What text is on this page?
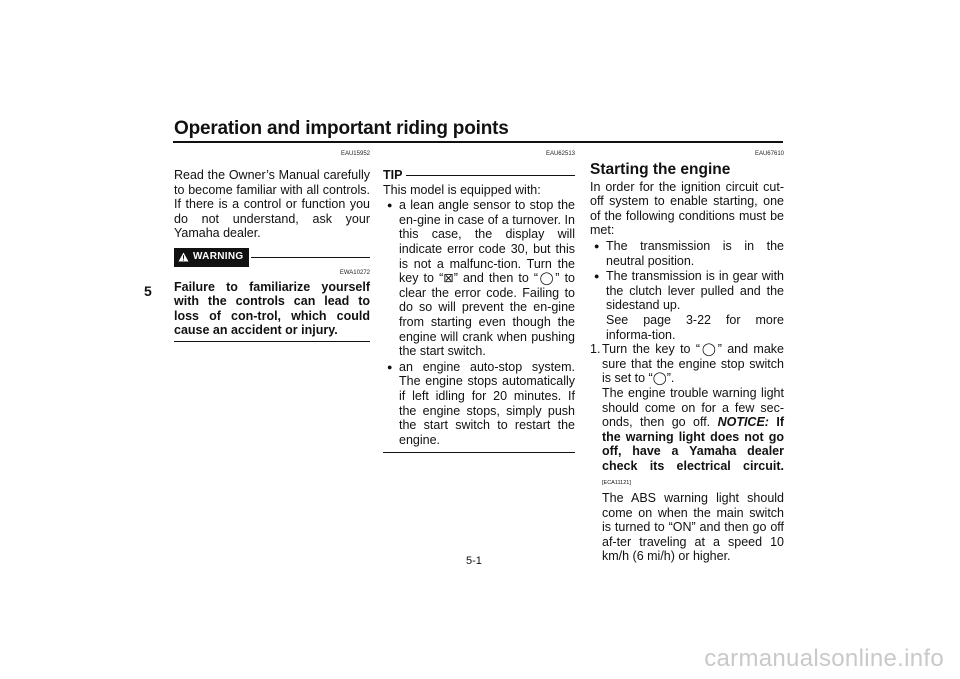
Operation and important riding points
5
EAU15952

Read the Owner’s Manual carefully to become familiar with all controls. If there is a control or function you do not understand, ask your Yamaha dealer.

WARNING
EWA10272

Failure to familiarize yourself with the controls can lead to loss of con-trol, which could cause an accident or injury.

EAU62513
TIP

This model is equipped with:

● a lean angle sensor to stop the en-gine in case of a turnover. In this case, the display will indicate error code 30, but this is not a malfunc-tion. Turn the key to “⊠” and then to “◯” to clear the error code. Failing to do so will prevent the en-gine from starting even though the engine will crank when pushing the start switch.
● an engine auto-stop system. The engine stops automatically if left idling for 20 minutes. If the engine stops, simply push the start switch to restart the engine.
EAU67610
Starting the engine

In order for the ignition circuit cut-off system to enable starting, one of the following conditions must be met:

● The transmission is in the neutral position.
● The transmission is in gear with the clutch lever pulled and the sidestand up.
See page 3-22 for more informa-tion.
1. Turn the key to “◯” and make sure that the engine stop switch is set to “◯”.
The engine trouble warning light should come on for a few sec-onds, then go off. NOTICE: If the warning light does not go off, have a Yamaha dealer check its electrical circuit.[ECA11121]
The ABS warning light should come on when the main switch is turned to “ON” and then go off af-ter traveling at a speed 10 km/h (6 mi/h) or higher.
5-1
carmanualsonline.info
